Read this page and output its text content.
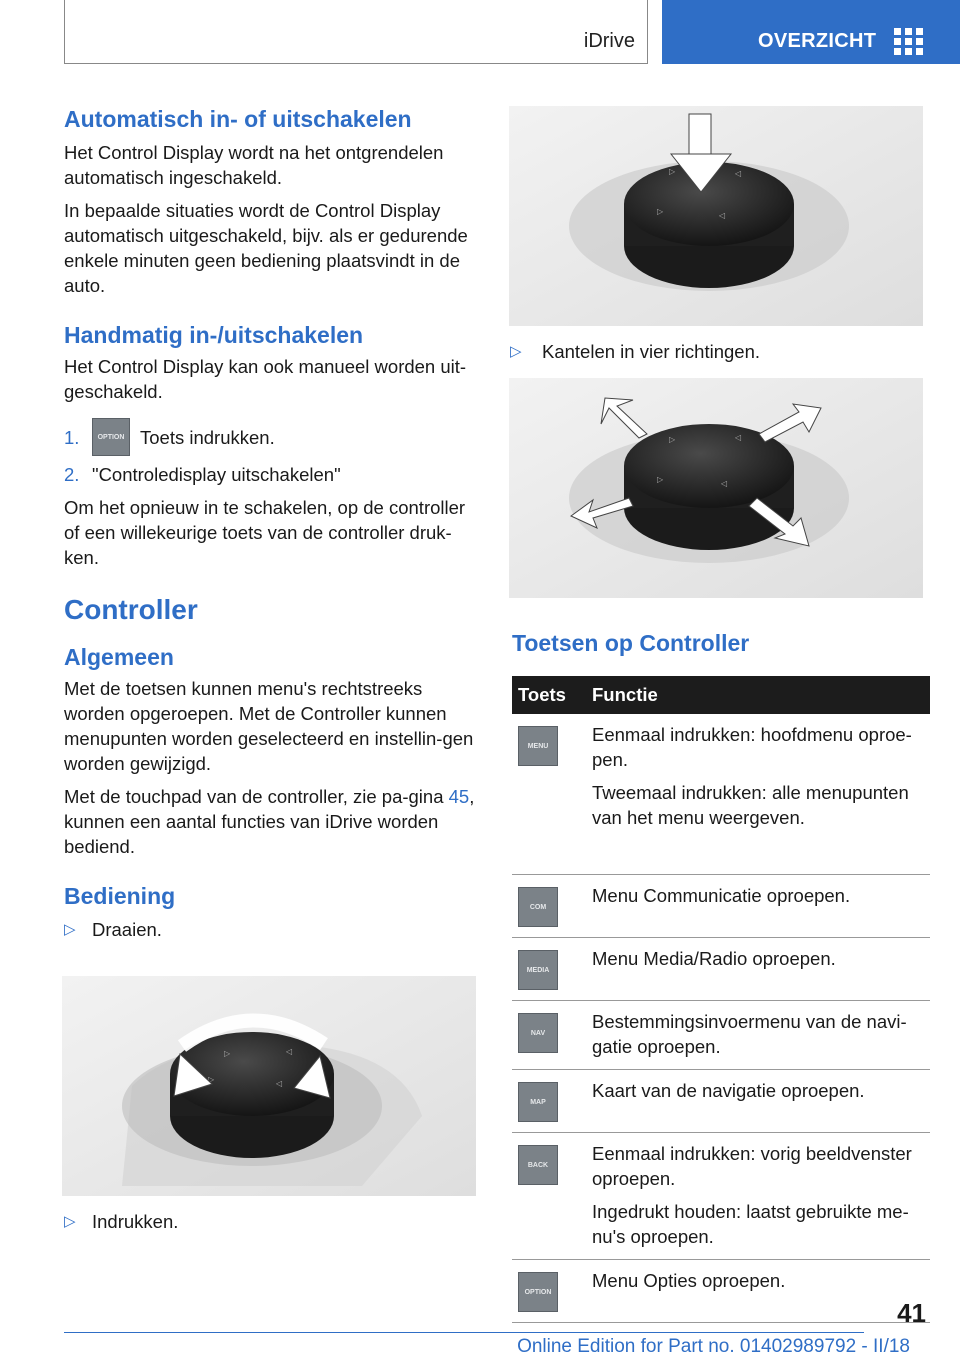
iDrive	OVERZICHT
Automatisch in- of uitschakelen

Het Control Display wordt na het ontgrendelen automatisch ingeschakeld.

In bepaalde situaties wordt de Control Display automatisch uitgeschakeld, bijv. als er gedurende enkele minuten geen bediening plaatsvindt in de auto.

Handmatig in-/uitschakelen

Het Control Display kan ook manueel worden uit-geschakeld.

1.	OPTION Toets indrukken.
2. "Controledisplay uitschakelen"

Om het opnieuw in te schakelen, op de controller of een willekeurige toets van de controller druk-ken.

Controller
Algemeen

Met de toetsen kunnen menu's rechtstreeks worden opgeroepen. Met de Controller kunnen menupunten worden geselecteerd en instellin-gen worden gewijzigd.

Met de touchpad van de controller, zie pa-gina 45, kunnen een aantal functies van iDrive worden bediend.

Bediening
▷ Draaien.
▷	◁
▷	◁
▷ Indrukken.
▷	◁
▷	◁
▷	Kantelen in vier richtingen.
▷	◁
▷	◁
Toetsen op Controller
Toets	Functie
MENU	Eenmaal indrukken: hoofdmenu oproe-pen.

Tweemaal indrukken: alle menupunten van het menu weergeven.

COM	Menu Communicatie oproepen.

MEDIA	Menu Media/Radio oproepen.

NAV	Bestemmingsinvoermenu van de navi-gatie oproepen.

MAP	Kaart van de navigatie oproepen.

BACK	Eenmaal indrukken: vorig beeldvenster oproepen.

Ingedrukt houden: laatst gebruikte me-nu's oproepen.

OPTION	Menu Opties oproepen.

41
Online Edition for Part no. 01402989792 - II/18
